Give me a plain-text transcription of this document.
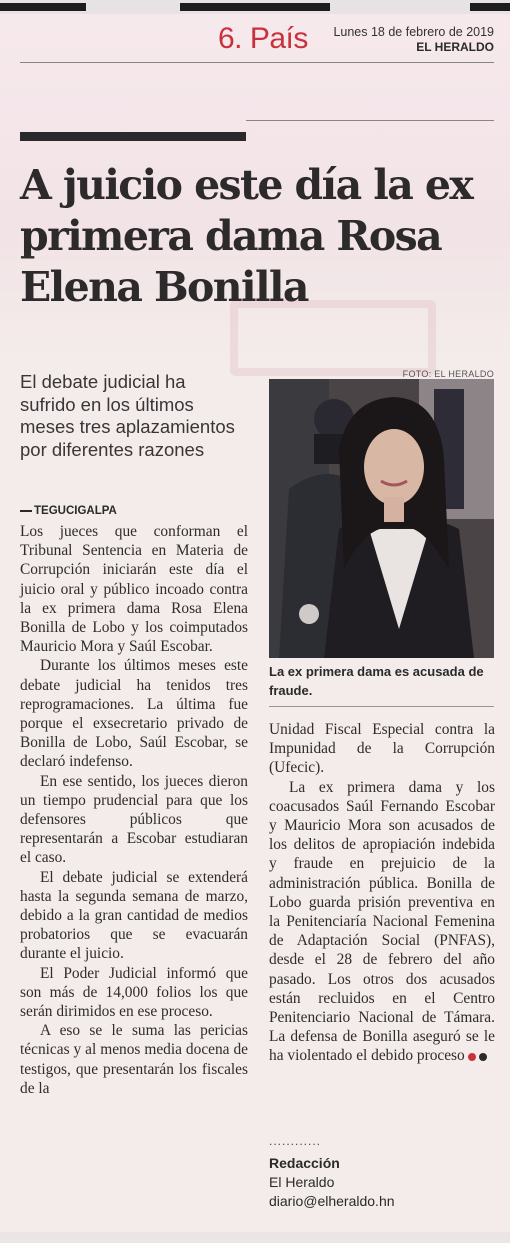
6. País Lunes 18 de febrero de 2019
EL HERALDO
A juicio este día la ex primera dama Rosa Elena Bonilla
El debate judicial ha sufrido en los últimos meses tres aplazamientos por diferentes razones
FOTO: EL HERALDO
La ex primera dama es acusada de fraude.
TEGUCIGALPA

Los jueces que conforman el Tribunal Sentencia en Materia de Corrupción iniciarán este día el juicio oral y público incoado contra la ex primera dama Rosa Elena Bonilla de Lobo y los coimputados Mauricio Mora y Saúl Escobar.

Durante los últimos meses este debate judicial ha tenidos tres reprogramaciones. La última fue porque el exsecretario privado de Bonilla de Lobo, Saúl Escobar, se declaró indefenso.

En ese sentido, los jueces dieron un tiempo prudencial para que los defensores públicos que representarán a Escobar estudiaran el caso.

El debate judicial se extenderá hasta la segunda semana de marzo, debido a la gran cantidad de medios probatorios que se evacuarán durante el juicio.

El Poder Judicial informó que son más de 14,000 folios los que serán dirimidos en ese proceso.

A eso se le suma las pericias técnicas y al menos media docena de testigos, que presentarán los fiscales de la

Unidad Fiscal Especial contra la Impunidad de la Corrupción (Ufecic).

La ex primera dama y los coacusados Saúl Fernando Escobar y Mauricio Mora son acusados de los delitos de apropiación indebida y fraude en prejuicio de la administración pública. Bonilla de Lobo guarda prisión preventiva en la Penitenciaría Nacional Femenina de Adaptación Social (PNFAS), desde el 28 de febrero del año pasado. Los otros dos acusados están recluidos en el Centro Penitenciario Nacional de Támara. La defensa de Bonilla aseguró se le ha violentado el debido proceso

............
Redacción
El Heraldo
diario@elheraldo.hn
